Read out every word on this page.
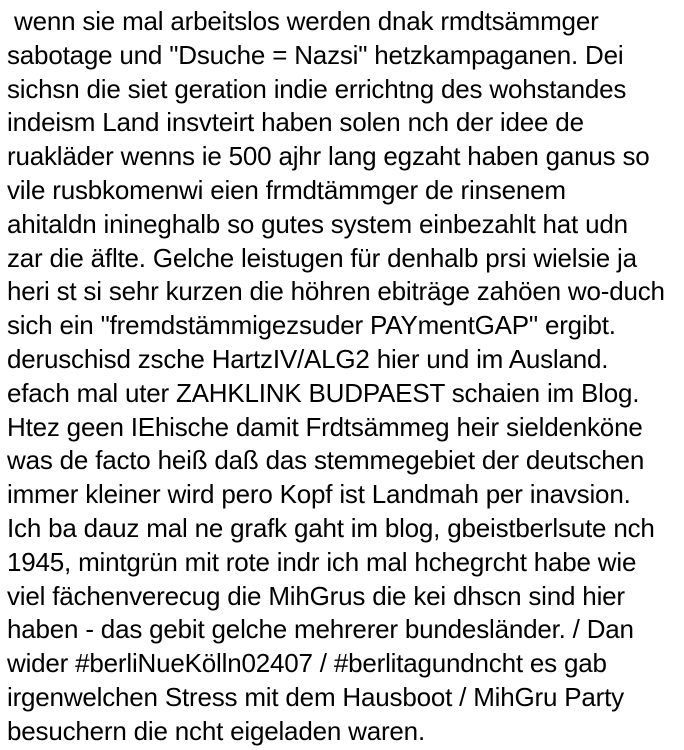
wenn sie mal arbeitslos werden dnak rmdtsämmger
sabotage und "Dsuche = Nazsi" hetzkampaganen. Dei
sichsn die siet geration indie errichtng des wohstandes
indeism Land insvteirt haben solen nch der idee de
ruakläder wenns ie 500 ajhr lang egzaht haben ganus so
vile rusbkomenwi eien frmdtämmger de rinsenem
ahitaldn inineghalb so gutes system einbezahlt hat udn
zar die äflte. Gelche leistugen für denhalb prsi wielsie ja
heri st si sehr kurzen die höhren ebiträge zahöen wo-duch
sich ein "fremdstämmigezsuder PAYmentGAP" ergibt.
deruschisd zsche HartzIV/ALG2 hier und im Ausland.
efach mal uter ZAHKLINK BUDPAEST schaien im Blog.
Htez geen IEhische damit Frdtsämmeg heir sieldenköne
was de facto heiß daß das stemmegebiet der deutschen
immer kleiner wird pero Kopf ist Landmah per inavsion.
Ich ba dauz mal ne grafk gaht im blog, gbeistberlsute nch
1945, mintgrün mit rote indr ich mal hchegrcht habe wie
viel fächenverecug die MihGrus die kei dhscn sind hier
haben - das gebit gelche mehrerer bundesländer. / Dan
wider #berliNueKölln02407 / #berlitagundncht es gab
irgenwelchen Stress mit dem Hausboot / MihGru Party
besuchern die ncht eigeladen waren.
